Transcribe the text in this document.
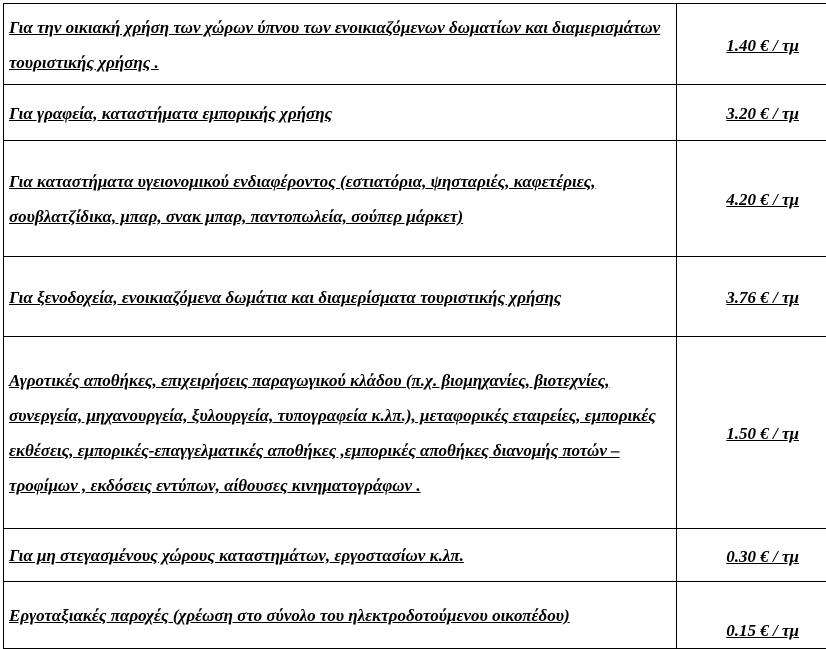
Για την οικιακή χρήση των χώρων ύπνου των ενοικιαζόμενων δωματίων και διαμερισμάτων τουριστικής χρήσης .	1.40 € / τμ
Για γραφεία, καταστήματα εμπορικής χρήσης	3.20 € / τμ
Για καταστήματα υγειονομικού ενδιαφέροντος (εστιατόρια, ψησταριές, καφετέριες, σουβλατζίδικα, μπαρ, σνακ μπαρ, παντοπωλεία, σούπερ μάρκετ)	4.20 € / τμ
Για ξενοδοχεία, ενοικιαζόμενα δωμάτια και διαμερίσματα τουριστικής χρήσης	3.76 € / τμ
Αγροτικές αποθήκες, επιχειρήσεις παραγωγικού κλάδου (π.χ. βιομηχανίες, βιοτεχνίες, συνεργεία, μηχανουργεία, ξυλουργεία, τυπογραφεία κ.λπ.), μεταφορικές εταιρείες, εμπορικές εκθέσεις, εμπορικές-επαγγελματικές αποθήκες ,εμπορικές αποθήκες διανομής ποτών – τροφίμων , εκδόσεις εντύπων, αίθουσες κινηματογράφων .	1.50 € / τμ
Για μη στεγασμένους χώρους καταστημάτων, εργοστασίων κ.λπ.	0.30 € / τμ
Εργοταξιακές παροχές (χρέωση στο σύνολο του ηλεκτροδοτούμενου οικοπέδου)	0.15 € / τμ
